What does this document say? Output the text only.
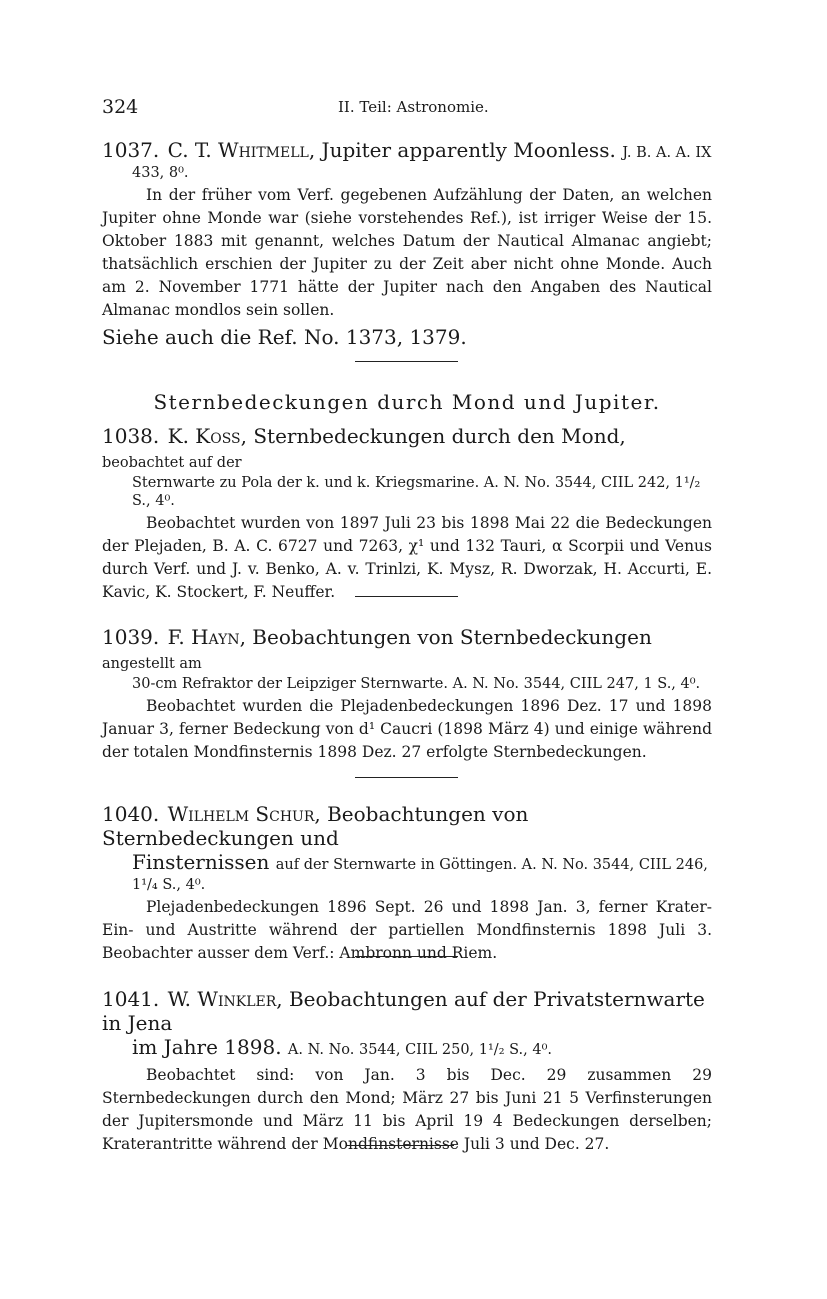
324	II. Teil: Astronomie.

1037. C. T. Whitmell, Jupiter apparently Moonless. J. B. A. A. IX

433, 8⁰.

In der früher vom Verf. gegebenen Aufzählung der Daten, an welchen Jupiter ohne Monde war (siehe vorstehendes Ref.), ist irriger Weise der 15. Oktober 1883 mit genannt, welches Datum der Nautical Almanac angiebt; thatsächlich erschien der Jupiter zu der Zeit aber nicht ohne Monde. Auch am 2. November 1771 hätte der Jupiter nach den Angaben des Nautical Almanac mondlos sein sollen.

Siehe auch die Ref. No. 1373, 1379.
Sternbedeckungen durch Mond und Jupiter.

1038. K. Koss, Sternbedeckungen durch den Mond, beobachtet auf der

Sternwarte zu Pola der k. und k. Kriegsmarine. A. N. No. 3544, CIIL 242, 1¹/₂ S., 4⁰.

Beobachtet wurden von 1897 Juli 23 bis 1898 Mai 22 die Bedeckungen der Plejaden, B. A. C. 6727 und 7263, χ¹ und 132 Tauri, α Scorpii und Venus durch Verf. und J. v. Benko, A. v. Trinlzi, K. Mysz, R. Dworzak, H. Accurti, E. Kavic, K. Stockert, F. Neuffer.

1039. F. Hayn, Beobachtungen von Sternbedeckungen angestellt am

30-cm Refraktor der Leipziger Sternwarte. A. N. No. 3544, CIIL 247, 1 S., 4⁰.

Beobachtet wurden die Plejadenbedeckungen 1896 Dez. 17 und 1898 Januar 3, ferner Bedeckung von d¹ Caucri (1898 März 4) und einige während der totalen Mondfinsternis 1898 Dez. 27 erfolgte Sternbedeckungen.

1040. Wilhelm Schur, Beobachtungen von Sternbedeckungen und

Finsternissen auf der Sternwarte in Göttingen. A. N. No. 3544, CIIL 246,

1¹/₄ S., 4⁰.

Plejadenbedeckungen 1896 Sept. 26 und 1898 Jan. 3, ferner Krater-Ein- und Austritte während der partiellen Mondfinsternis 1898 Juli 3. Beobachter ausser dem Verf.: Ambronn und Riem.

1041. W. Winkler, Beobachtungen auf der Privatsternwarte in Jena

im Jahre 1898. A. N. No. 3544, CIIL 250, 1¹/₂ S., 4⁰.

Beobachtet sind: von Jan. 3 bis Dec. 29 zusammen 29 Sternbedeckungen durch den Mond; März 27 bis Juni 21 5 Verfinsterungen der Jupitersmonde und März 11 bis April 19 4 Bedeckungen derselben; Kraterantritte während der Mondfinsternisse Juli 3 und Dec. 27.
